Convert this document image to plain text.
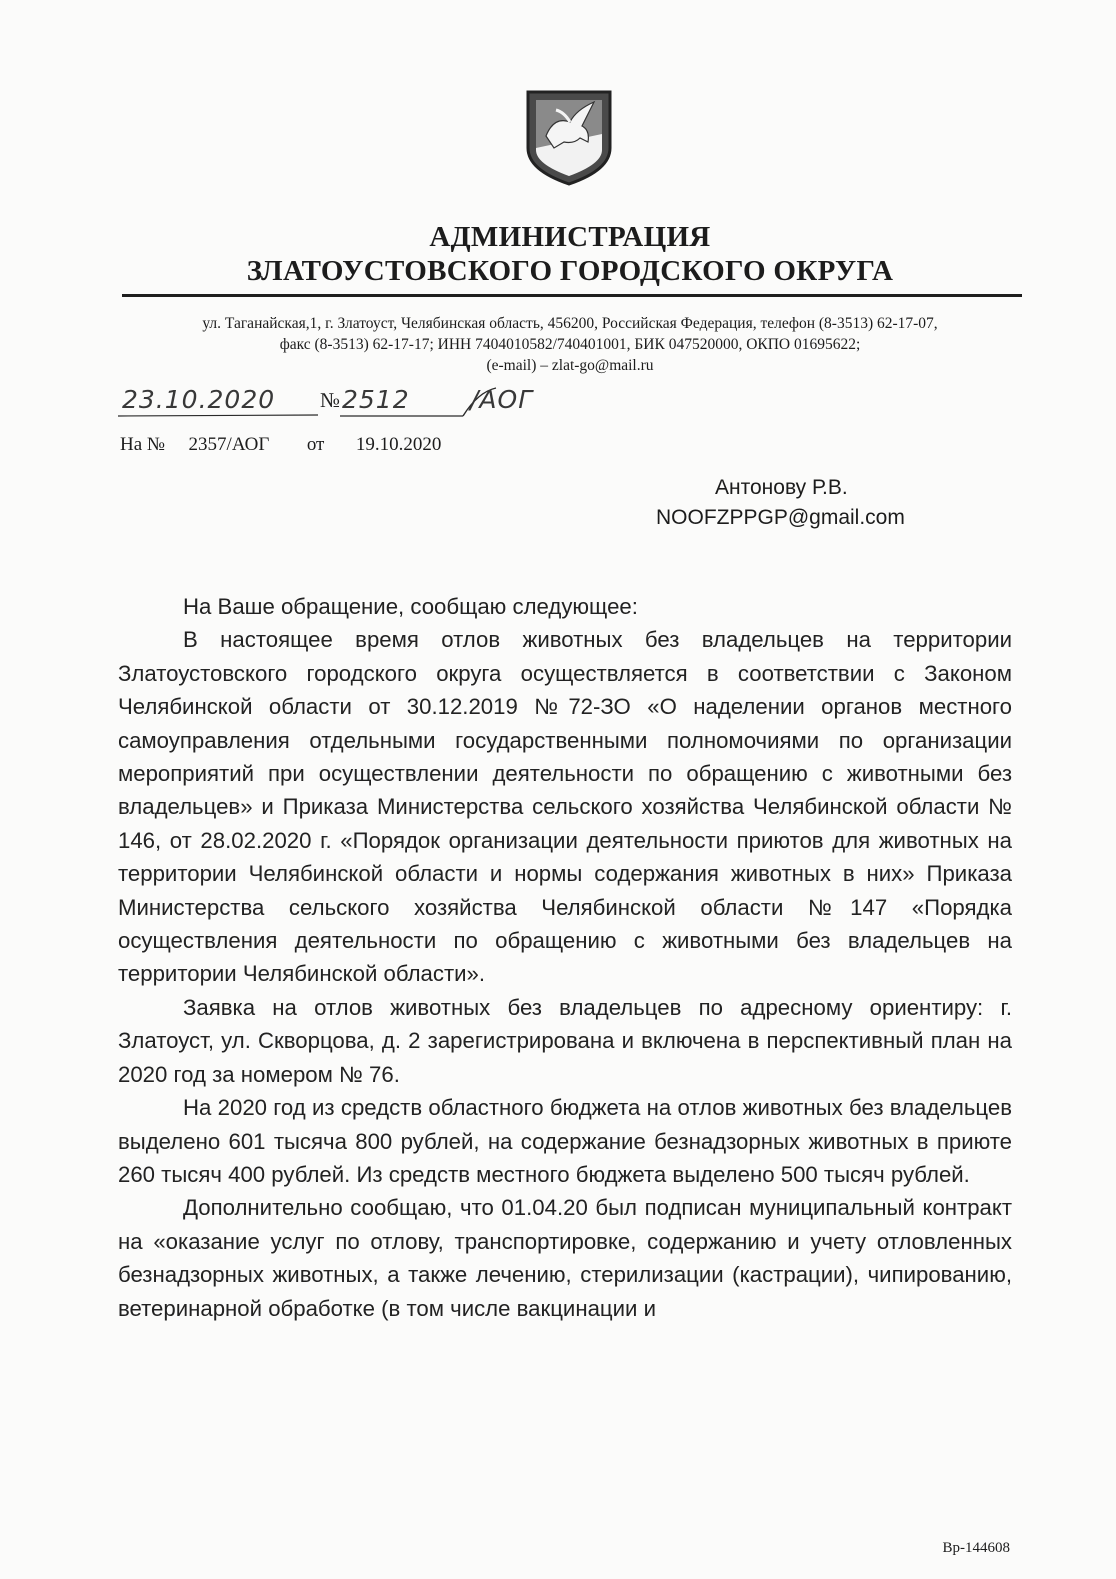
АДМИНИСТРАЦИЯ
ЗЛАТОУСТОВСКОГО ГОРОДСКОГО ОКРУГА
ул. Таганайская,1, г. Златоуст, Челябинская область, 456200, Российская Федерация, телефон (8-3513) 62-17-07,
факс (8-3513) 62-17-17; ИНН 7404010582/740401001, БИК 047520000, ОКПО 01695622;
(e-mail) – zlat-go@mail.ru
23.10.2020 № 2512 /АОГ
На № 2357/АОГ от 19.10.2020
Антонову Р.В.
NOOFZPPGP@gmail.com

На Ваше обращение, сообщаю следующее:

В настоящее время отлов животных без владельцев на территории Златоустовского городского округа осуществляется в соответствии с Законом Челябинской области от 30.12.2019 №72-ЗО «О наделении органов местного самоуправления отдельными государственными полномочиями по организации мероприятий при осуществлении деятельности по обращению с животными без владельцев» и Приказа Министерства сельского хозяйства Челябинской области № 146, от 28.02.2020 г. «Порядок организации деятельности приютов для животных на территории Челябинской области и нормы содержания животных в них» Приказа Министерства сельского хозяйства Челябинской области №147 «Порядка осуществления деятельности по обращению с животными без владельцев на территории Челябинской области».

Заявка на отлов животных без владельцев по адресному ориентиру: г. Златоуст, ул. Скворцова, д. 2 зарегистрирована и включена в перспективный план на 2020 год за номером № 76.

На 2020 год из средств областного бюджета на отлов животных без владельцев выделено 601 тысяча 800 рублей, на содержание безнадзорных животных в приюте 260 тысяч 400 рублей. Из средств местного бюджета выделено 500 тысяч рублей.

Дополнительно сообщаю, что 01.04.20 был подписан муниципальный контракт на «оказание услуг по отлову, транспортировке, содержанию и учету отловленных безнадзорных животных, а также лечению, стерилизации (кастрации), чипированию, ветеринарной обработке (в том числе вакцинации и

Вр-144608
